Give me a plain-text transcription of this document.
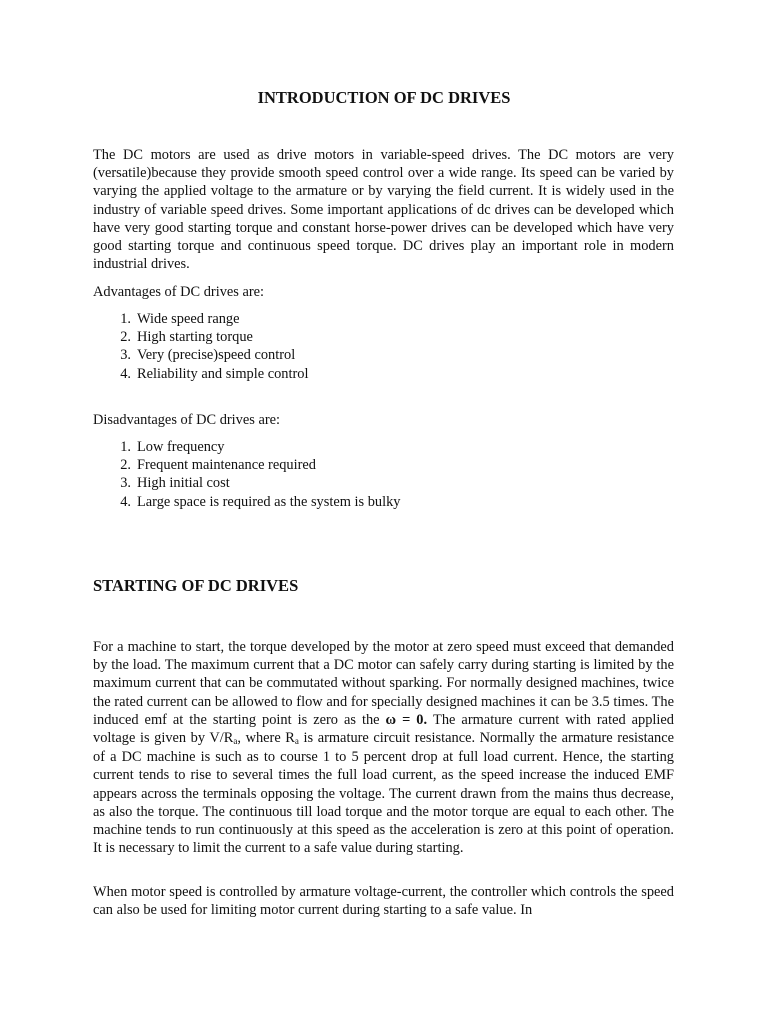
INTRODUCTION OF DC DRIVES

The DC motors are used as drive motors in variable-speed drives. The DC motors are very (versatile)because they provide smooth speed control over a wide range. Its speed can be varied by varying the applied voltage to the armature or by varying the field current. It is widely used in the industry of variable speed drives. Some important applications of dc drives can be developed which have very good starting torque and constant horse-power drives can be developed which have very good starting torque and continuous speed torque. DC drives play an important role in modern industrial drives.

Advantages of DC drives are:

1. Wide speed range
2. High starting torque
3. Very (precise)speed control
4. Reliability and simple control

Disadvantages of DC drives are:

1. Low frequency
2. Frequent maintenance required
3. High initial cost
4. Large space is required as the system is bulky
STARTING OF DC DRIVES

For a machine to start, the torque developed by the motor at zero speed must exceed that demanded by the load. The maximum current that a DC motor can safely carry during starting is limited by the maximum current that can be commutated without sparking. For normally designed machines, twice the rated current can be allowed to flow and for specially designed machines it can be 3.5 times. The induced emf at the starting point is zero as the ω = 0. The armature current with rated applied voltage is given by $V/R_a$, where $R_a$ is armature circuit resistance. Normally the armature resistance of a DC machine is such as to course 1 to 5 percent drop at full load current. Hence, the starting current tends to rise to several times the full load current, as the speed increase the induced EMF appears across the terminals opposing the voltage. The current drawn from the mains thus decrease, as also the torque. The continuous till load torque and the motor torque are equal to each other. The machine tends to run continuously at this speed as the acceleration is zero at this point of operation. It is necessary to limit the current to a safe value during starting.

When motor speed is controlled by armature voltage-current, the controller which controls the speed can also be used for limiting motor current during starting to a safe value. In
